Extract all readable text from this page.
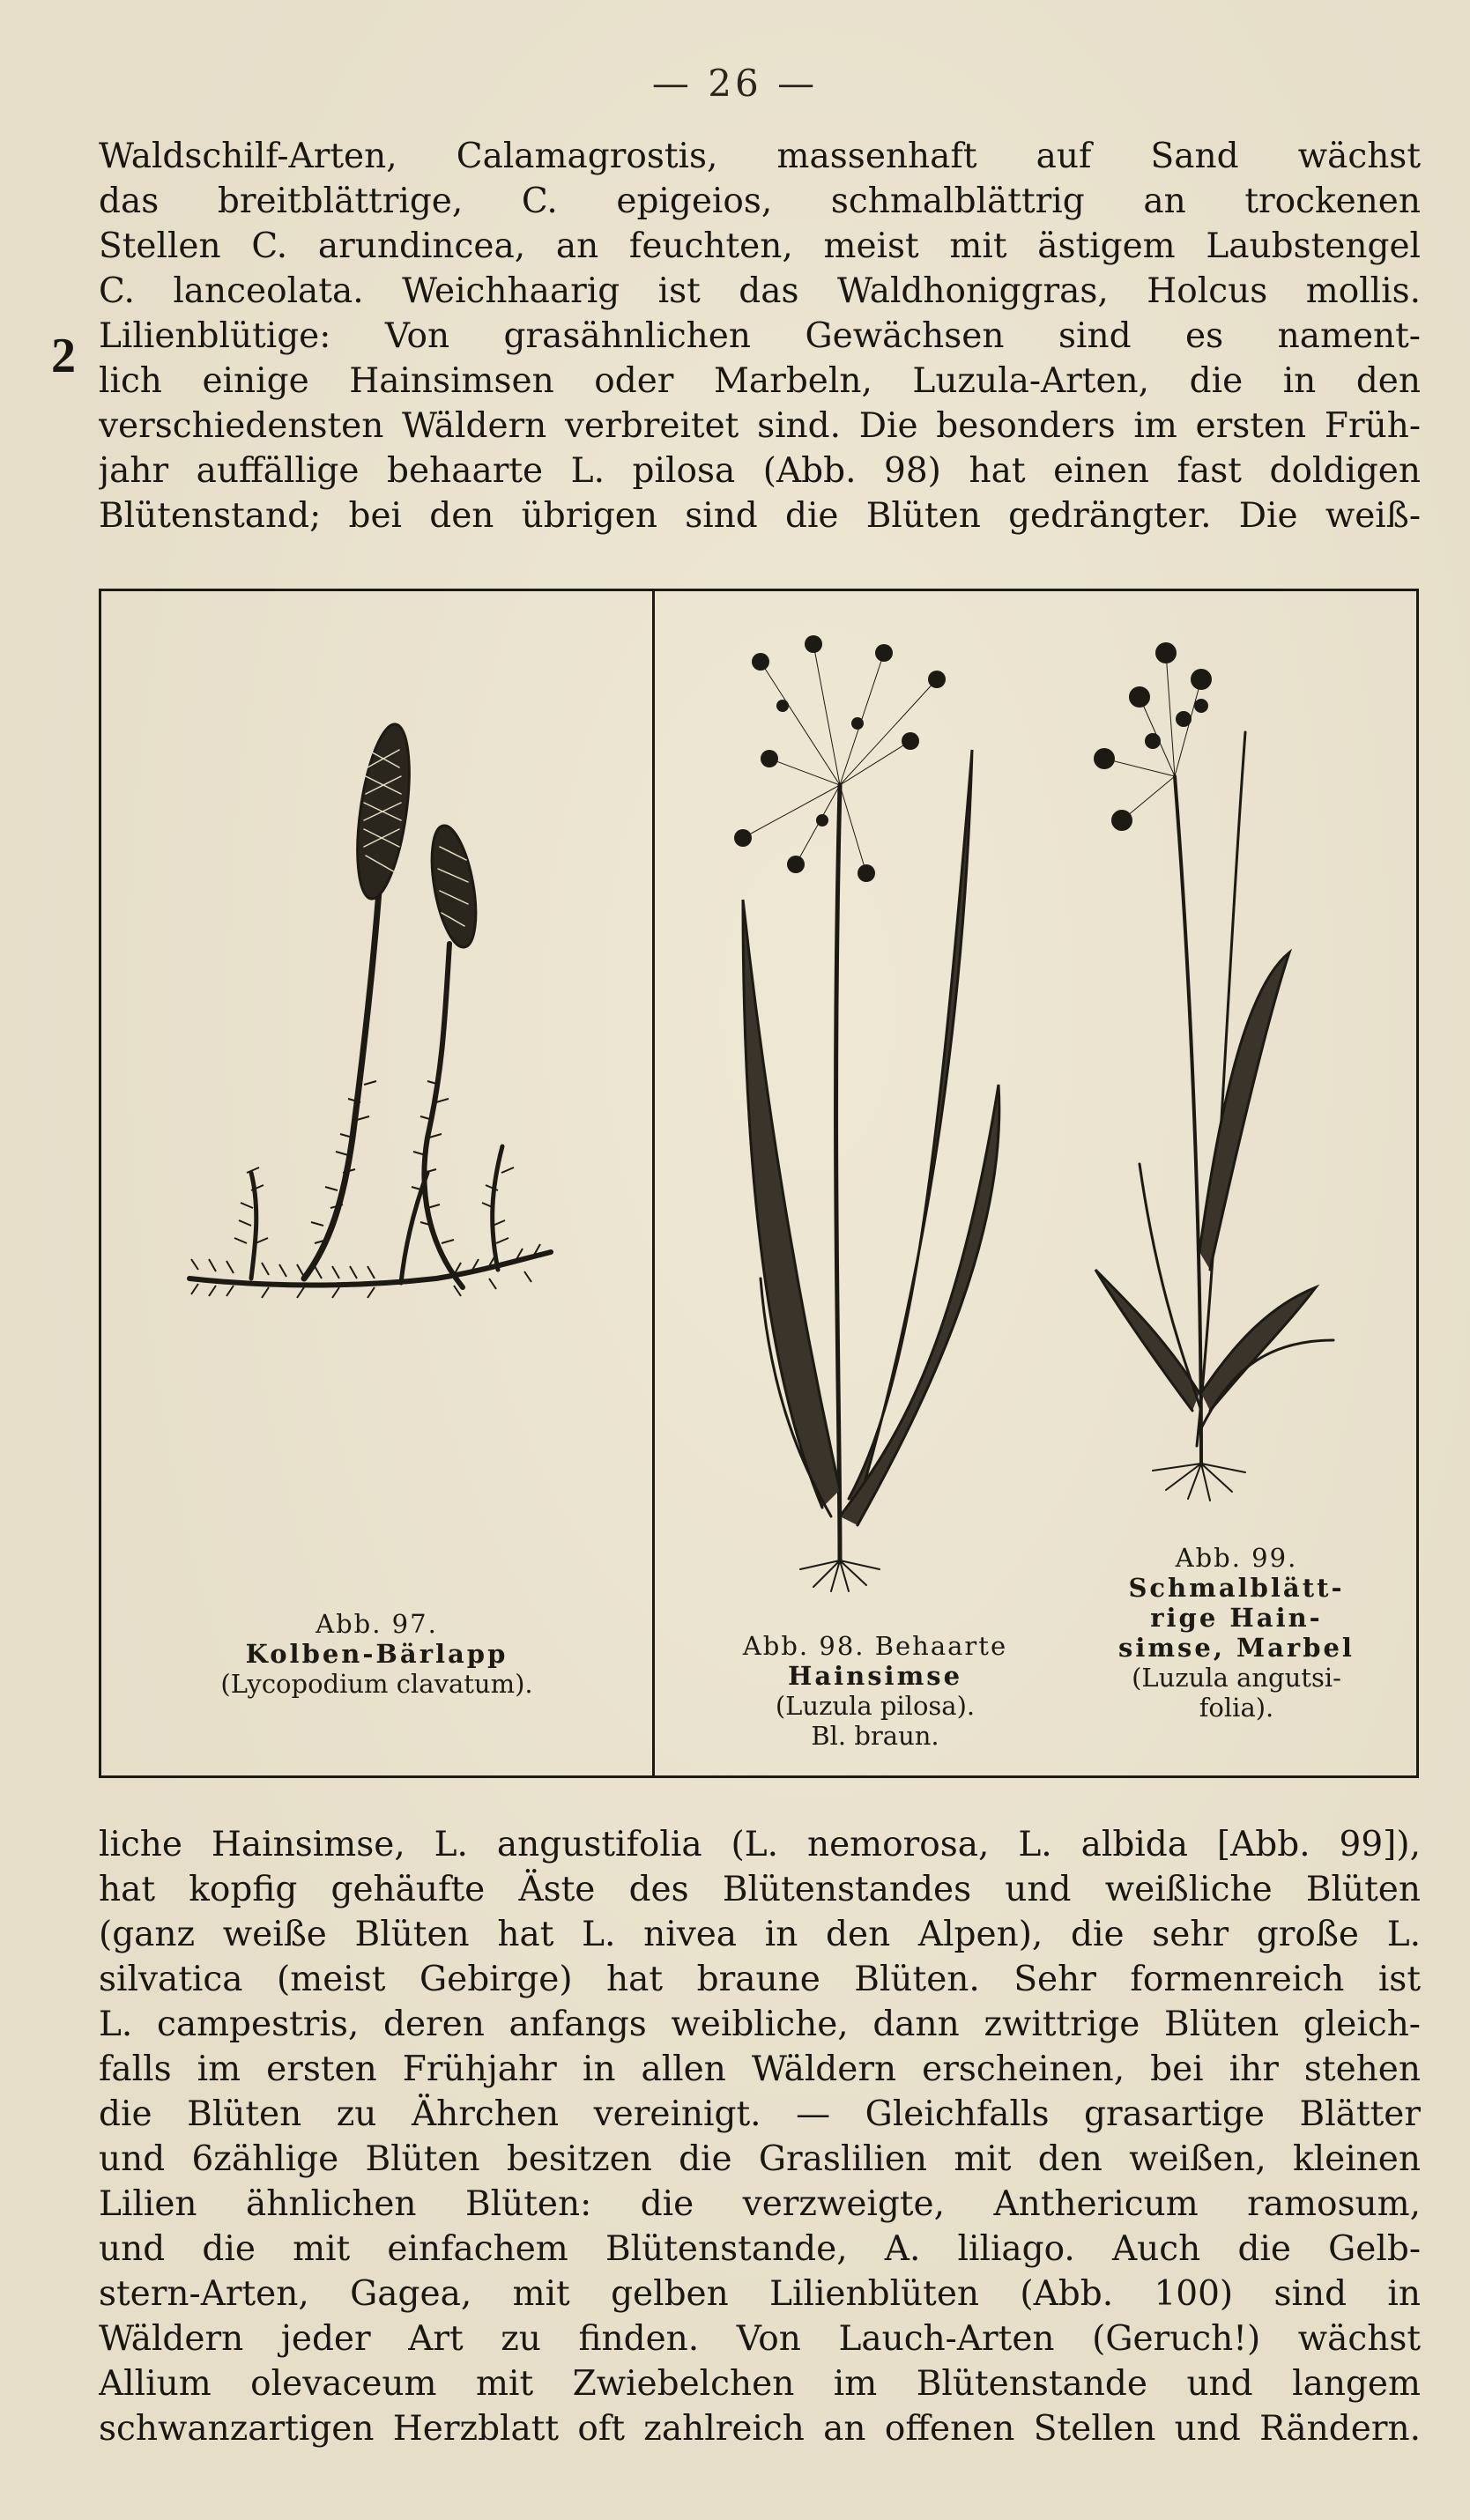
— 26 —
2
Waldschilf-Arten, Calamagrostis, massenhaft auf Sand wächst
das breitblättrige, C. epigeios, schmalblättrig an trockenen
Stellen C. arundincea, an feuchten, meist mit ästigem Laubstengel
C. lanceolata. Weichhaarig ist das Waldhoniggras, Holcus mollis.
Lilienblütige: Von grasähnlichen Gewächsen sind es nament-
lich einige Hainsimsen oder Marbeln, Luzula-Arten, die in den
verschiedensten Wäldern verbreitet sind. Die besonders im ersten Früh-
jahr auffällige behaarte L. pilosa (Abb. 98) hat einen fast doldigen
Blütenstand; bei den übrigen sind die Blüten gedrängter. Die weiß-
Abb. 97.
Kolben-Bärlapp
(Lycopodium clavatum).
Abb. 98. Behaarte
Hainsimse
(Luzula pilosa).
Bl. braun.
Abb. 99.
Schmalblätt-
rige Hain-
simse, Marbel
(Luzula angutsi-
folia).
liche Hainsimse, L. angustifolia (L. nemorosa, L. albida [Abb. 99]),
hat kopfig gehäufte Äste des Blütenstandes und weißliche Blüten
(ganz weiße Blüten hat L. nivea in den Alpen), die sehr große L.
silvatica (meist Gebirge) hat braune Blüten. Sehr formenreich ist
L. campestris, deren anfangs weibliche, dann zwittrige Blüten gleich-
falls im ersten Frühjahr in allen Wäldern erscheinen, bei ihr stehen
die Blüten zu Ährchen vereinigt. — Gleichfalls grasartige Blätter
und 6zählige Blüten besitzen die Graslilien mit den weißen, kleinen
Lilien ähnlichen Blüten: die verzweigte, Anthericum ramosum,
und die mit einfachem Blütenstande, A. liliago. Auch die Gelb-
stern-Arten, Gagea, mit gelben Lilienblüten (Abb. 100) sind in
Wäldern jeder Art zu finden. Von Lauch-Arten (Geruch!) wächst
Allium olevaceum mit Zwiebelchen im Blütenstande und langem
schwanzartigen Herzblatt oft zahlreich an offenen Stellen und Rändern.
